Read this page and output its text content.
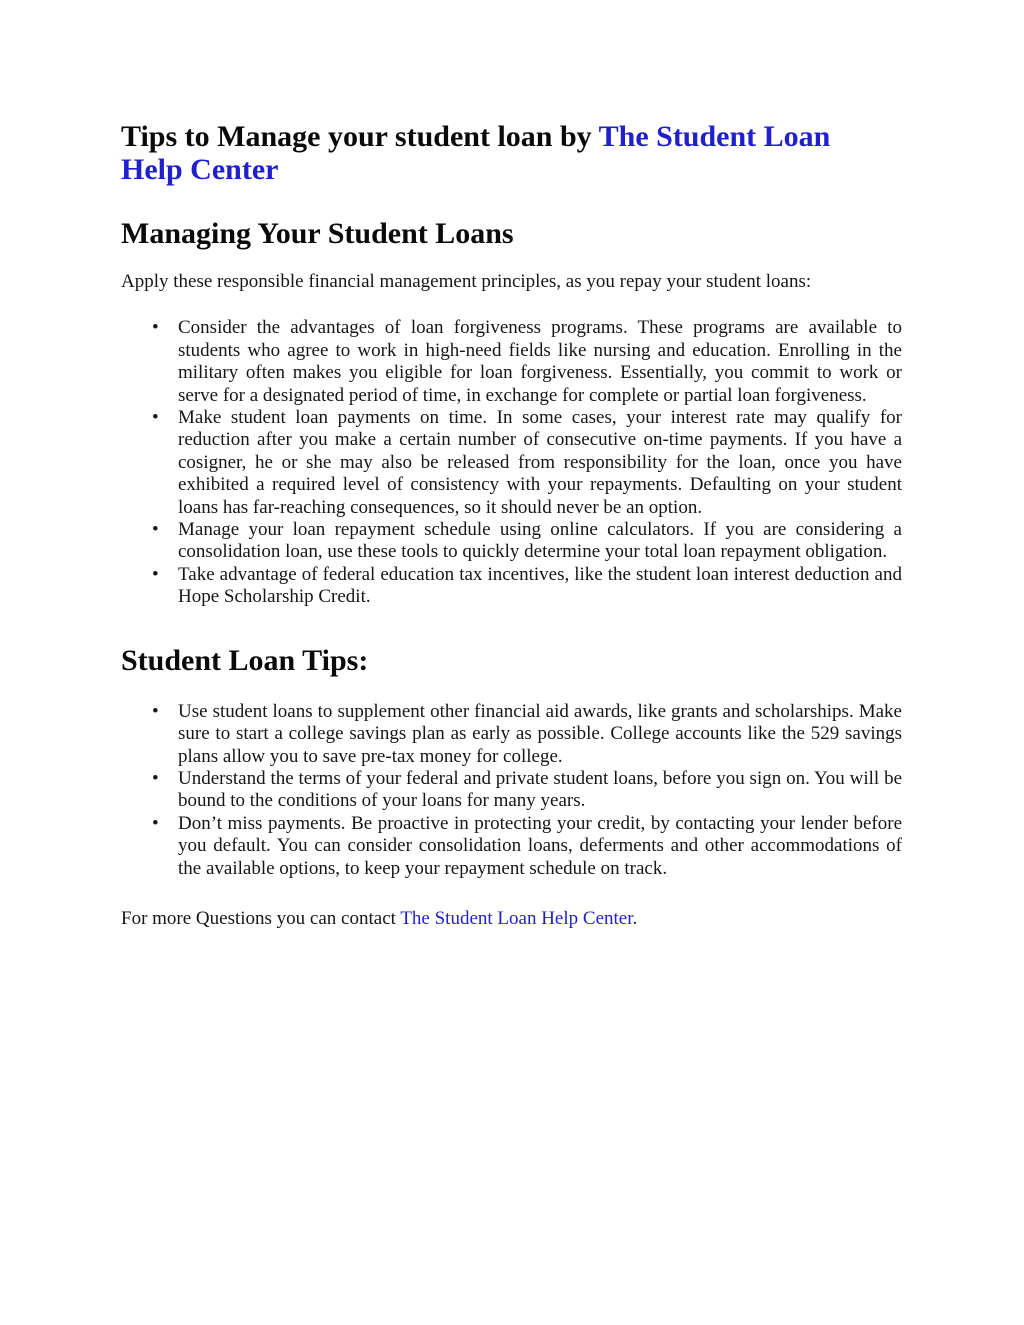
Tips to Manage your student loan by The Student Loan Help Center
Managing Your Student Loans

Apply these responsible financial management principles, as you repay your student loans:

• Consider the advantages of loan forgiveness programs. These programs are available to students who agree to work in high-need fields like nursing and education. Enrolling in the military often makes you eligible for loan forgiveness. Essentially, you commit to work or serve for a designated period of time, in exchange for complete or partial loan forgiveness.
• Make student loan payments on time. In some cases, your interest rate may qualify for reduction after you make a certain number of consecutive on-time payments. If you have a cosigner, he or she may also be released from responsibility for the loan, once you have exhibited a required level of consistency with your repayments. Defaulting on your student loans has far-reaching consequences, so it should never be an option.
• Manage your loan repayment schedule using online calculators. If you are considering a consolidation loan, use these tools to quickly determine your total loan repayment obligation.
• Take advantage of federal education tax incentives, like the student loan interest deduction and Hope Scholarship Credit.
Student Loan Tips:
• Use student loans to supplement other financial aid awards, like grants and scholarships. Make sure to start a college savings plan as early as possible. College accounts like the 529 savings plans allow you to save pre-tax money for college.
• Understand the terms of your federal and private student loans, before you sign on. You will be bound to the conditions of your loans for many years.
• Don’t miss payments. Be proactive in protecting your credit, by contacting your lender before you default. You can consider consolidation loans, deferments and other accommodations of the available options, to keep your repayment schedule on track.

For more Questions you can contact The Student Loan Help Center.
